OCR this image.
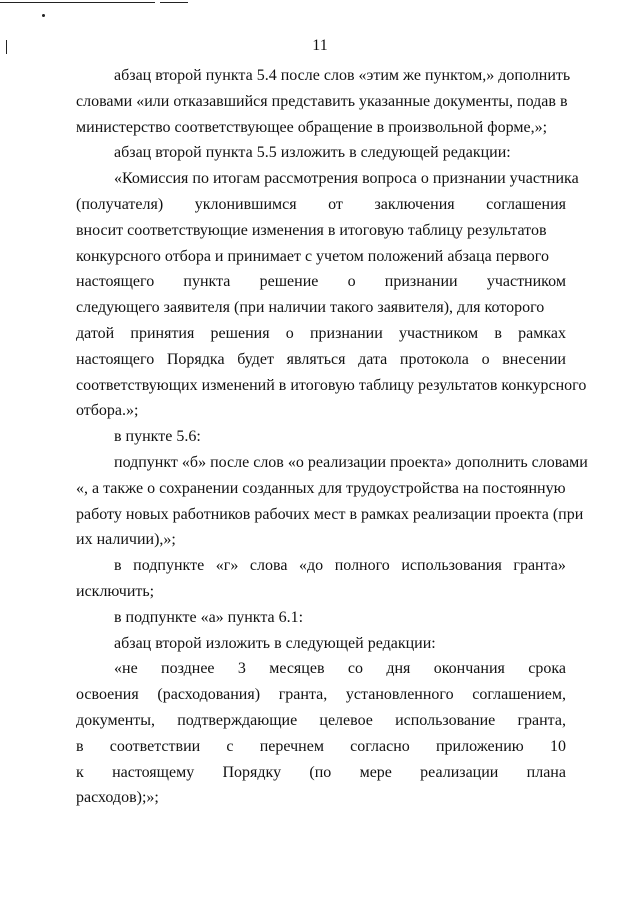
11
абзац второй пункта 5.4 после слов «этим же пунктом,» дополнить
словами «или отказавшийся представить указанные документы, подав в
министерство соответствующее обращение в произвольной форме,»;
абзац второй пункта 5.5 изложить в следующей редакции:
«Комиссия по итогам рассмотрения вопроса о признании участника
(получателя) уклонившимся от заключения соглашения
вносит соответствующие изменения в итоговую таблицу результатов
конкурсного отбора и принимает с учетом положений абзаца первого
настоящего пункта решение о признании участником
следующего заявителя (при наличии такого заявителя), для которого
датой принятия решения о признании участником в рамках
настоящего Порядка будет являться дата протокола о внесении
соответствующих изменений в итоговую таблицу результатов конкурсного
отбора.»;
в пункте 5.6:
подпункт «б» после слов «о реализации проекта» дополнить словами
«, а также о сохранении созданных для трудоустройства на постоянную
работу новых работников рабочих мест в рамках реализации проекта (при
их наличии),»;
в подпункте «г» слова «до полного использования гранта»
исключить;
в подпункте «а» пункта 6.1:
абзац второй изложить в следующей редакции:
«не позднее 3 месяцев со дня окончания срока
освоения (расходования) гранта, установленного соглашением,
документы, подтверждающие целевое использование гранта,
в соответствии с перечнем согласно приложению 10
к настоящему Порядку (по мере реализации плана
расходов);»;
